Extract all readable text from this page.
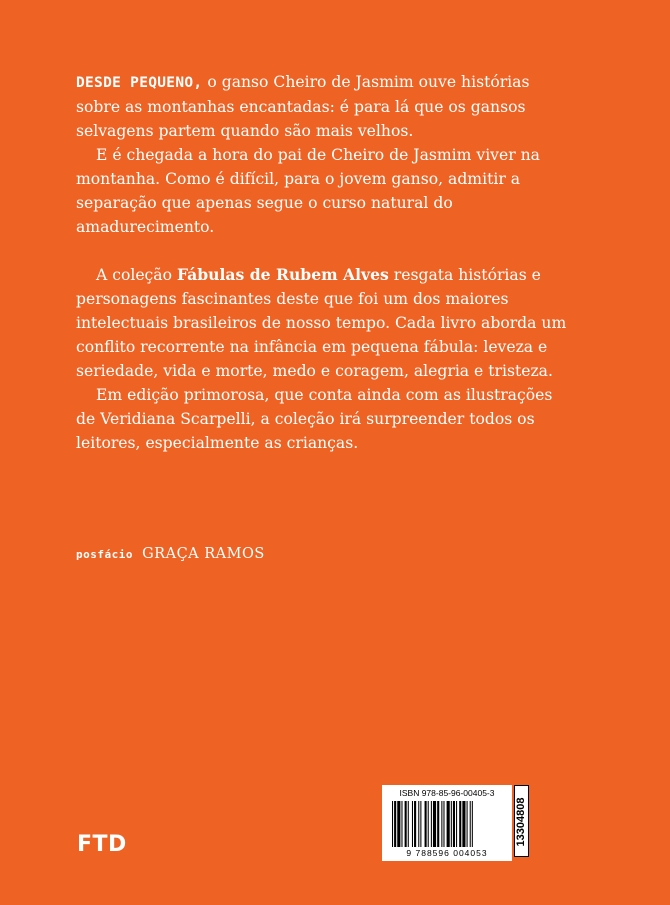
DESDE PEQUENO, o ganso Cheiro de Jasmim ouve histórias sobre as montanhas encantadas: é para lá que os gansos selvagens partem quando são mais velhos.

E é chegada a hora do pai de Cheiro de Jasmim viver na montanha. Como é difícil, para o jovem ganso, admitir a separação que apenas segue o curso natural do amadurecimento.

A coleção Fábulas de Rubem Alves resgata histórias e personagens fascinantes deste que foi um dos maiores intelectuais brasileiros de nosso tempo. Cada livro aborda um conflito recorrente na infância em pequena fábula: leveza e seriedade, vida e morte, medo e coragem, alegria e tristeza.

Em edição primorosa, que conta ainda com as ilustrações de Veridiana Scarpelli, a coleção irá surpreender todos os leitores, especialmente as crianças.

posfácio GRAÇA RAMOS
FTD
ISBN 978-85-96-00405-3
9 788596 004053
13304808
